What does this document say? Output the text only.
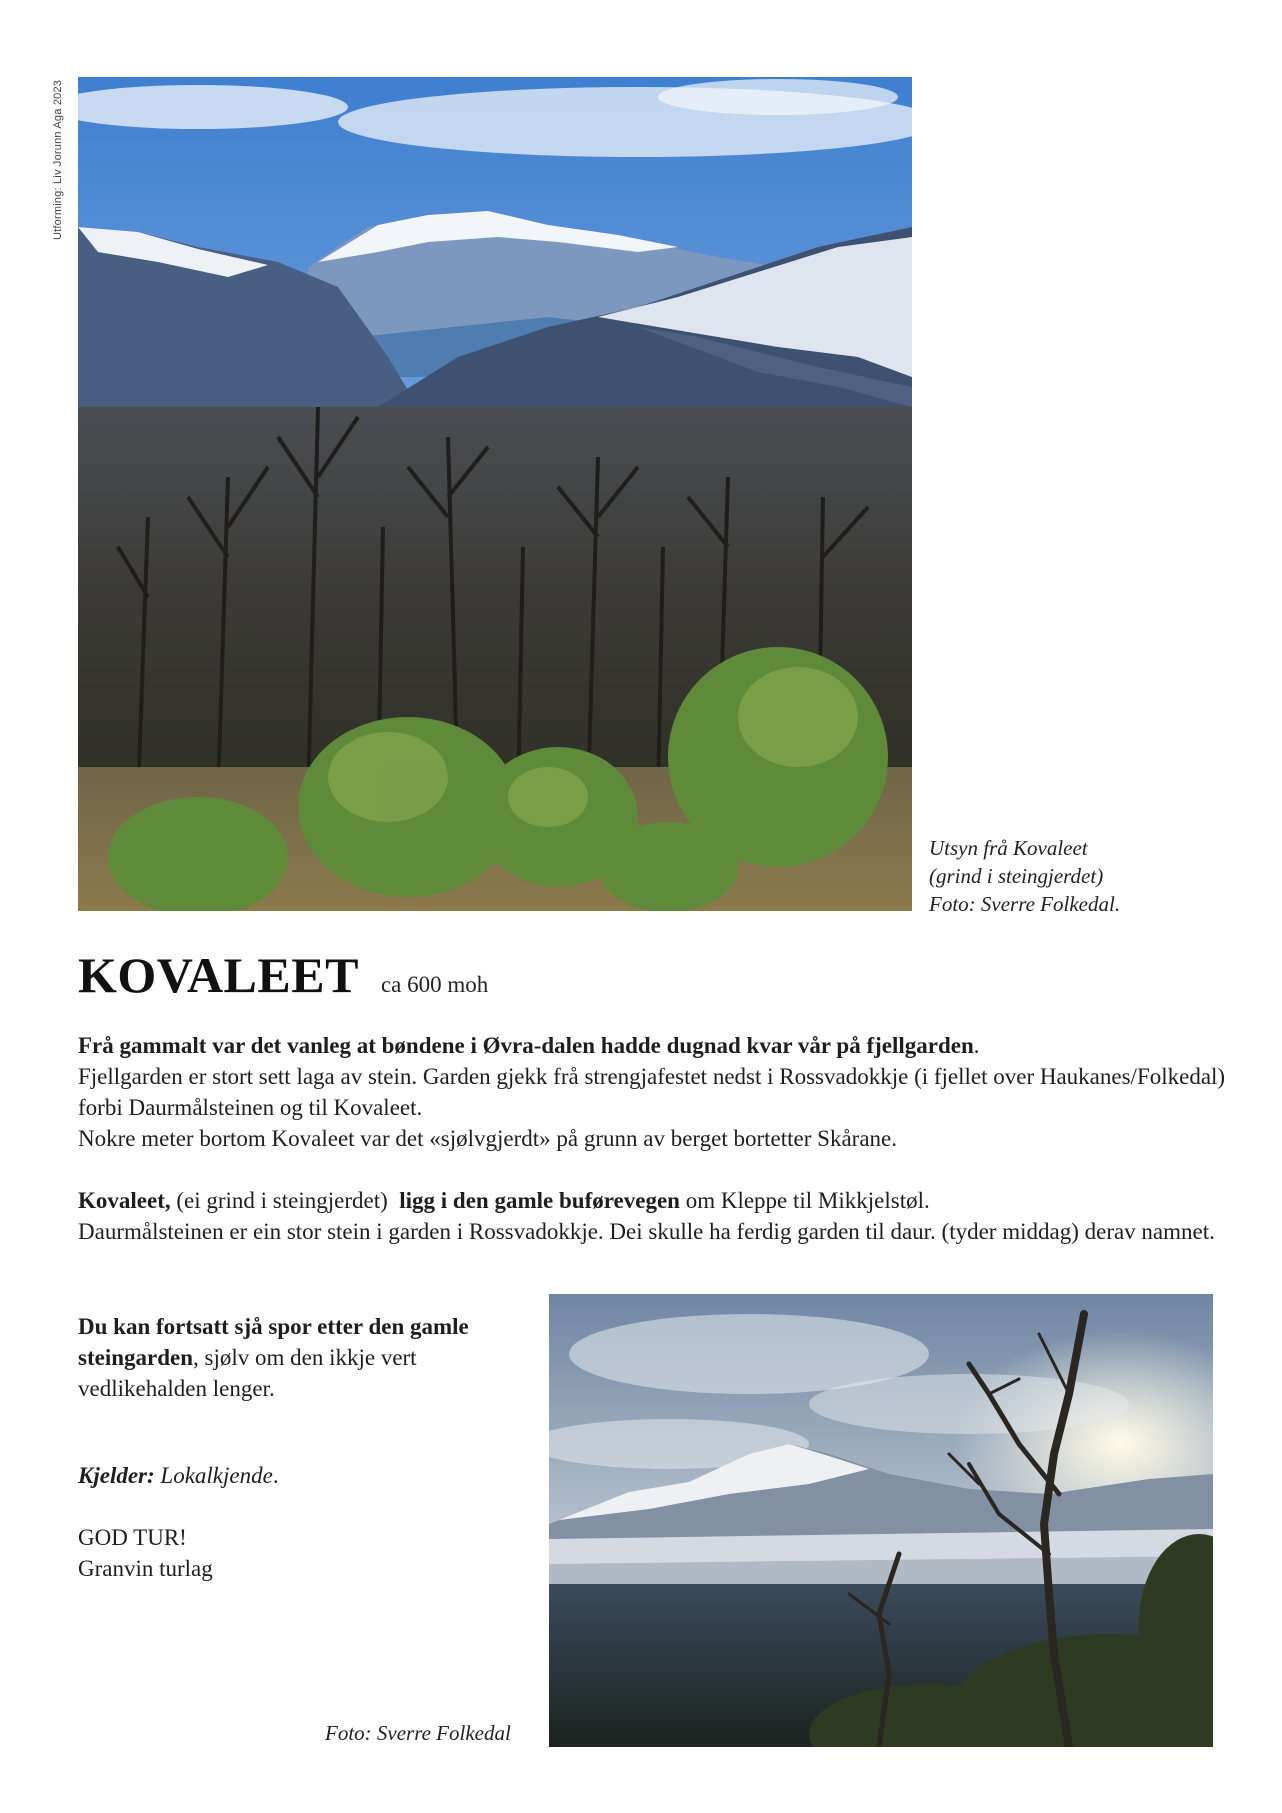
Utforming: Liv Jorunn Aga 2023
Utsyn frå Kovaleet
(grind i steingjerdet)
Foto: Sverre Folkedal.
KOVALEET ca 600 moh

Frå gammalt var det vanleg at bøndene i Øvra-dalen hadde dugnad kvar vår på fjellgarden.

Fjellgarden er stort sett laga av stein. Garden gjekk frå strengjafestet nedst i Rossvadokkje (i fjellet over Haukanes/Folkedal) forbi Daurmålsteinen og til Kovaleet.

Nokre meter bortom Kovaleet var det «sjølvgjerdt» på grunn av berget bortetter Skårane.

Kovaleet, (ei grind i steingjerdet)  ligg i den gamle buførevegen om Kleppe til Mikkjelstøl.

Daurmålsteinen er ein stor stein i garden i Rossvadokkje. Dei skulle ha ferdig garden til daur. (tyder middag) derav namnet.

Du kan fortsatt sjå spor etter den gamle steingarden, sjølv om den ikkje vert vedlikehalden lenger.

Kjelder: Lokalkjende.

GOD TUR!

Granvin turlag

Foto: Sverre Folkedal
